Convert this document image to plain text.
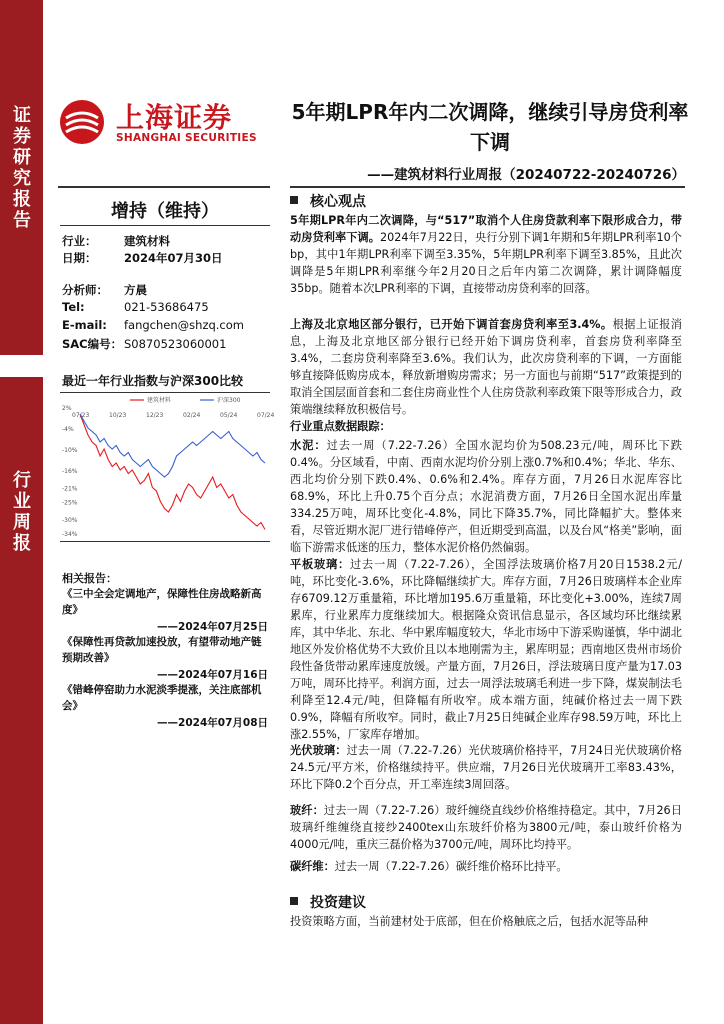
证券研究报告
行业周报
上海证券
SHANGHAI SECURITIES
5年期LPR年内二次调降，继续引导房贷利率下调
——建筑材料行业周报（20240722-20240726）
增持（维持）
行业： 建筑材料
日期： 2024年07月30日
分析师： 方晨
Tel:	021-53686475
E-mail: fangchen@shzq.com
SAC编号： S0870523060001
最近一年行业指数与沪深300比较
2%
-4%
-10%
-16%
-21%
-25%
-30%
-34%
07/23	10/23	12/23	02/24	05/24	07/24
建筑材料	沪深300
相关报告：
《三中全会定调地产，保障性住房战略新高度》
——2024年07月25日
《保障性再贷款加速投放，有望带动地产链预期改善》
——2024年07月16日
《错峰停窑助力水泥淡季提涨，关注底部机会》
——2024年07月08日
核心观点
5年期LPR年内二次调降，与“517”取消个人住房贷款利率下限形成合力，带动房贷利率下调。2024年7月22日，央行分别下调1年期和5年期LPR利率10个bp，其中1年期LPR利率下调至3.35%，5年期LPR利率下调至3.85%，且此次调降是5年期LPR利率继今年2月20日之后年内第二次调降，累计调降幅度35bp。随着本次LPR利率的下调，直接带动房贷利率的回落。
上海及北京地区部分银行，已开始下调首套房贷利率至3.4%。根据上证报消息，上海及北京地区部分银行已经开始下调房贷利率，首套房贷利率降至3.4%，二套房贷利率降至3.6%。我们认为，此次房贷利率的下调，一方面能够直接降低购房成本，释放新增购房需求；另一方面也与前期“517”政策提到的取消全国层面首套和二套住房商业性个人住房贷款利率政策下限等形成合力，政策端继续释放积极信号。
行业重点数据跟踪：
水泥：过去一周（7.22-7.26）全国水泥均价为508.23元/吨，周环比下跌0.4%。分区域看，中南、西南水泥均价分别上涨0.7%和0.4%；华北、华东、西北均价分别下跌0.4%、0.6%和2.4%。库存方面，7月26日水泥库容比68.9%，环比上升0.75个百分点；水泥消费方面，7月26日全国水泥出库量334.25万吨，周环比变化-4.8%，同比下降35.7%，同比降幅扩大。整体来看，尽管近期水泥厂进行错峰停产，但近期受到高温，以及台风“格美”影响，面临下游需求低迷的压力，整体水泥价格仍然偏弱。
平板玻璃：过去一周（7.22-7.26），全国浮法玻璃价格7月20日1538.2元/吨，环比变化-3.6%，环比降幅继续扩大。库存方面，7月26日玻璃样本企业库存6709.12万重量箱，环比增加195.6万重量箱，环比变化+3.00%，连续7周累库，行业累库力度继续加大。根据隆众资讯信息显示，各区域均环比继续累库，其中华北、东北、华中累库幅度较大，华北市场中下游采购谨慎，华中湖北地区外发价格优势不大致价且以本地刚需为主，累库明显；西南地区贵州市场价段性备货带动累库速度放缓。产量方面，7月26日，浮法玻璃日度产量为17.03万吨，周环比持平。利润方面，过去一周浮法玻璃毛利进一步下降，煤炭制法毛利降至12.4元/吨，但降幅有所收窄。成本端方面，纯碱价格过去一周下跌0.9%，降幅有所收窄。同时，截止7月25日纯碱企业库存98.59万吨，环比上涨2.55%，厂家库存增加。
光伏玻璃：过去一周（7.22-7.26）光伏玻璃价格持平，7月24日光伏玻璃价格24.5元/平方米，价格继续持平。供应端，7月26日光伏玻璃开工率83.43%，环比下降0.2个百分点，开工率连续3周回落。
玻纤：过去一周（7.22-7.26）玻纤缠绕直线纱价格维持稳定。其中，7月26日玻璃纤维缠绕直接纱2400tex山东玻纤价格为3800元/吨，泰山玻纤价格为4000元/吨，重庆三磊价格为3700元/吨，周环比均持平。
碳纤维：过去一周（7.22-7.26）碳纤维价格环比持平。
投资建议
投资策略方面，当前建材处于底部，但在价格触底之后，包括水泥等品种
